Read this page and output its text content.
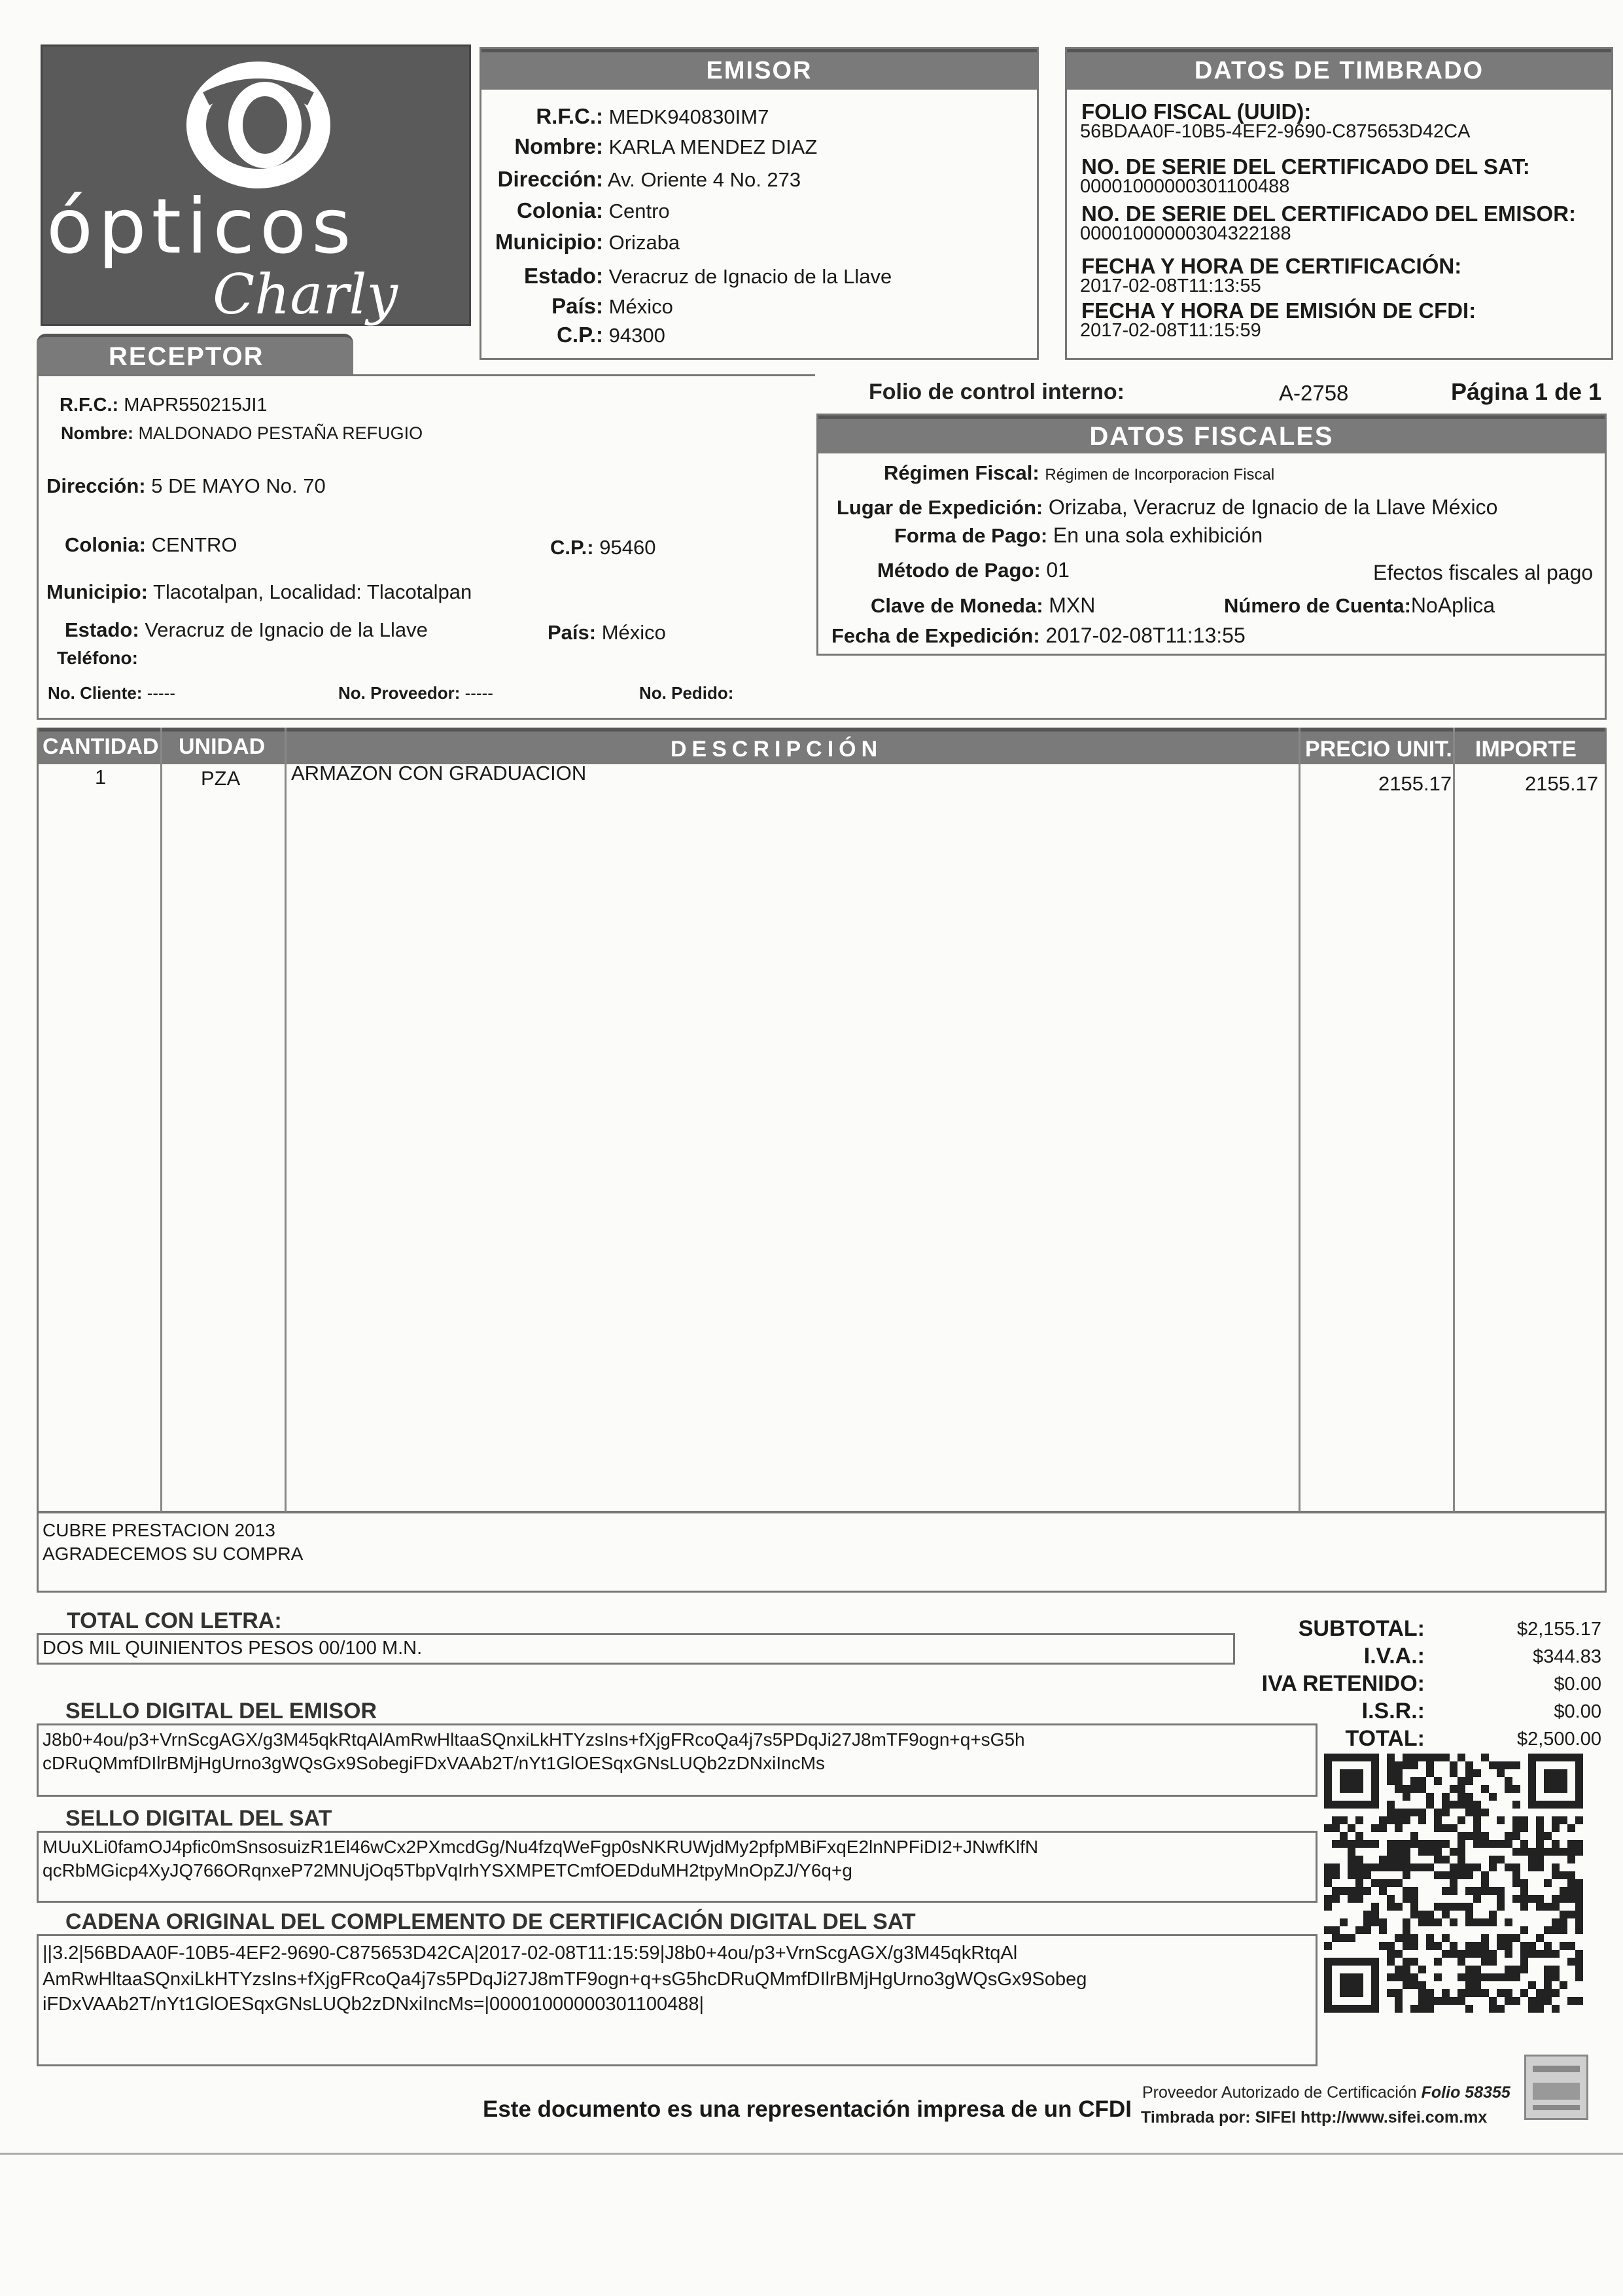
ópticos
Charly
EMISOR
R.F.C.: MEDK940830IM7
Nombre: KARLA MENDEZ DIAZ
Dirección: Av. Oriente 4 No. 273
Colonia: Centro
Municipio: Orizaba
Estado: Veracruz de Ignacio de la Llave
País: México
C.P.: 94300
DATOS DE TIMBRADO
FOLIO FISCAL (UUID):
56BDAA0F-10B5-4EF2-9690-C875653D42CA
NO. DE SERIE DEL CERTIFICADO DEL SAT:
00001000000301100488
NO. DE SERIE DEL CERTIFICADO DEL EMISOR:
00001000000304322188
FECHA Y HORA DE CERTIFICACIÓN:
2017-02-08T11:13:55
FECHA Y HORA DE EMISIÓN DE CFDI:
2017-02-08T11:15:59
RECEPTOR
R.F.C.: MAPR550215JI1
Nombre: MALDONADO PESTAÑA REFUGIO
Dirección: 5 DE MAYO No. 70
Colonia: CENTRO	C.P.: 95460
Municipio: Tlacotalpan, Localidad: Tlacotalpan
Estado: Veracruz de Ignacio de la Llave	País: México
Teléfono:
No. Cliente: -----	No. Proveedor: -----	No. Pedido:
Folio de control interno:	A-2758	Página 1 de 1
DATOS FISCALES
Régimen Fiscal: Régimen de Incorporacion Fiscal
Lugar de Expedición: Orizaba, Veracruz de Ignacio de la Llave México
Forma de Pago: En una sola exhibición
Método de Pago: 01	Efectos fiscales al pago
Clave de Moneda: MXN	Número de Cuenta:NoAplica
Fecha de Expedición: 2017-02-08T11:13:55
CANTIDAD UNIDAD	DESCRIPCIÓN	PRECIO UNIT. IMPORTE
1	PZA	ARMAZON CON GRADUACION	2155.17	2155.17
CUBRE PRESTACION 2013
AGRADECEMOS SU COMPRA
TOTAL CON LETRA:
DOS MIL QUINIENTOS PESOS 00/100 M.N.
SUBTOTAL:	$2,155.17
I.V.A.:	$344.83
IVA RETENIDO:	$0.00
I.S.R.:	$0.00
TOTAL:	$2,500.00
SELLO DIGITAL DEL EMISOR
J8b0+4ou/p3+VrnScgAGX/g3M45qkRtqAlAmRwHltaaSQnxiLkHTYzsIns+fXjgFRcoQa4j7s5PDqJi27J8mTF9ogn+q+sG5h
cDRuQMmfDIlrBMjHgUrno3gWQsGx9SobegiFDxVAAb2T/nYt1GlOESqxGNsLUQb2zDNxiIncMs
SELLO DIGITAL DEL SAT
MUuXLi0famOJ4pfic0mSnsosuizR1El46wCx2PXmcdGg/Nu4fzqWeFgp0sNKRUWjdMy2pfpMBiFxqE2lnNPFiDI2+JNwfKlfN
qcRbMGicp4XyJQ766ORqnxeP72MNUjOq5TbpVqIrhYSXMPETCmfOEDduMH2tpyMnOpZJ/Y6q+g
CADENA ORIGINAL DEL COMPLEMENTO DE CERTIFICACIÓN DIGITAL DEL SAT
||3.2|56BDAA0F-10B5-4EF2-9690-C875653D42CA|2017-02-08T11:15:59|J8b0+4ou/p3+VrnScgAGX/g3M45qkRtqAl
AmRwHltaaSQnxiLkHTYzsIns+fXjgFRcoQa4j7s5PDqJi27J8mTF9ogn+q+sG5hcDRuQMmfDIlrBMjHgUrno3gWQsGx9Sobeg
iFDxVAAb2T/nYt1GlOESqxGNsLUQb2zDNxiIncMs=|00001000000301100488|
Este documento es una representación impresa de un CFDI
Proveedor Autorizado de Certificación Folio 58355
Timbrada por: SIFEI http://www.sifei.com.mx
